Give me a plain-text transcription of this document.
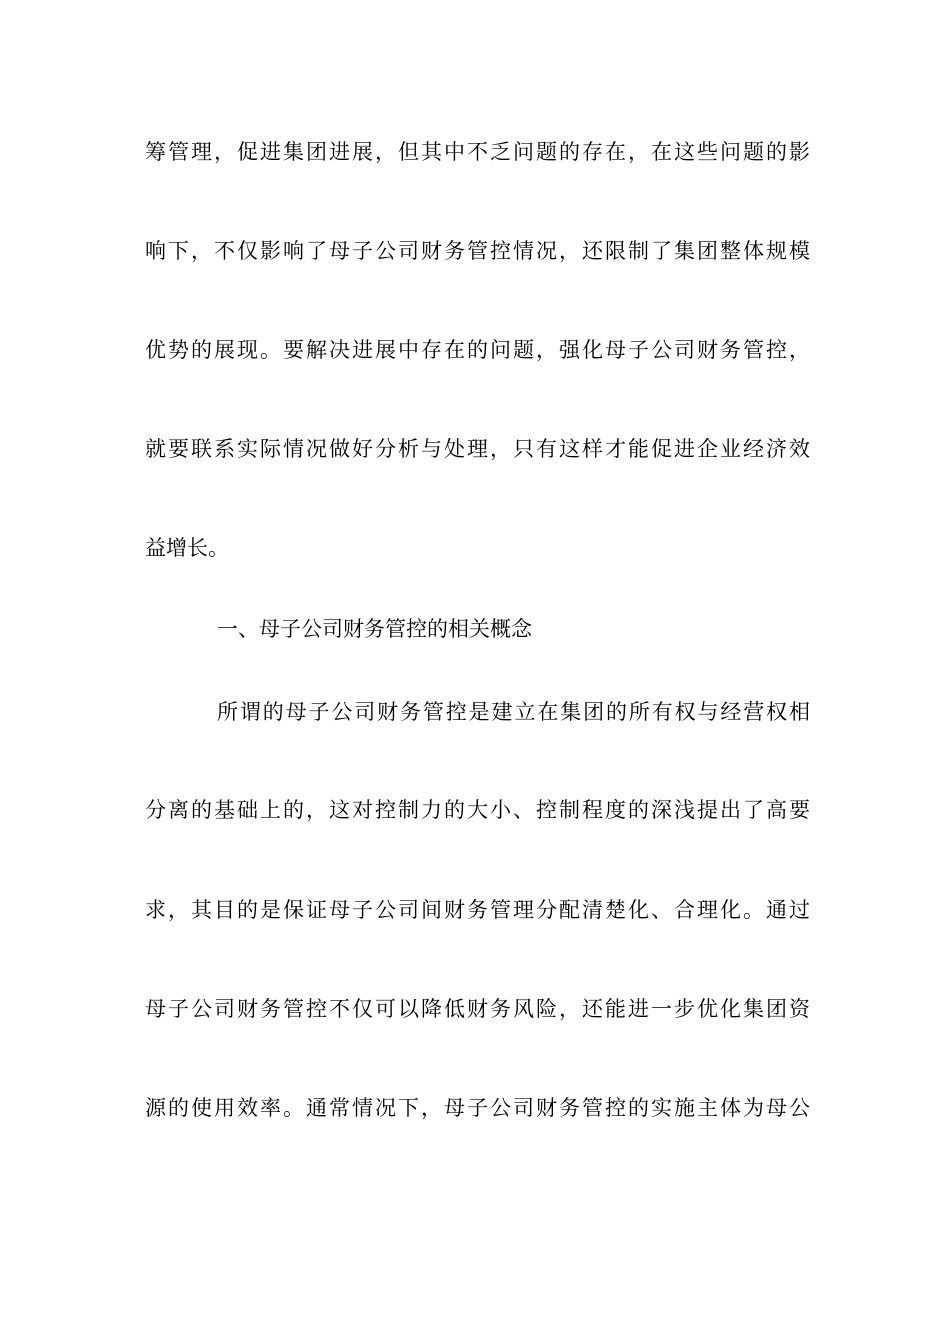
筹管理，促进集团进展，但其中不乏问题的存在，在这些问题的影
响下，不仅影响了母子公司财务管控情况，还限制了集团整体规模
优势的展现。要解决进展中存在的问题，强化母子公司财务管控，
就要联系实际情况做好分析与处理，只有这样才能促进企业经济效
益增长。
一、母子公司财务管控的相关概念
所谓的母子公司财务管控是建立在集团的所有权与经营权相
分离的基础上的，这对控制力的大小、控制程度的深浅提出了高要
求，其目的是保证母子公司间财务管理分配清楚化、合理化。通过
母子公司财务管控不仅可以降低财务风险，还能进一步优化集团资
源的使用效率。通常情况下，母子公司财务管控的实施主体为母公
